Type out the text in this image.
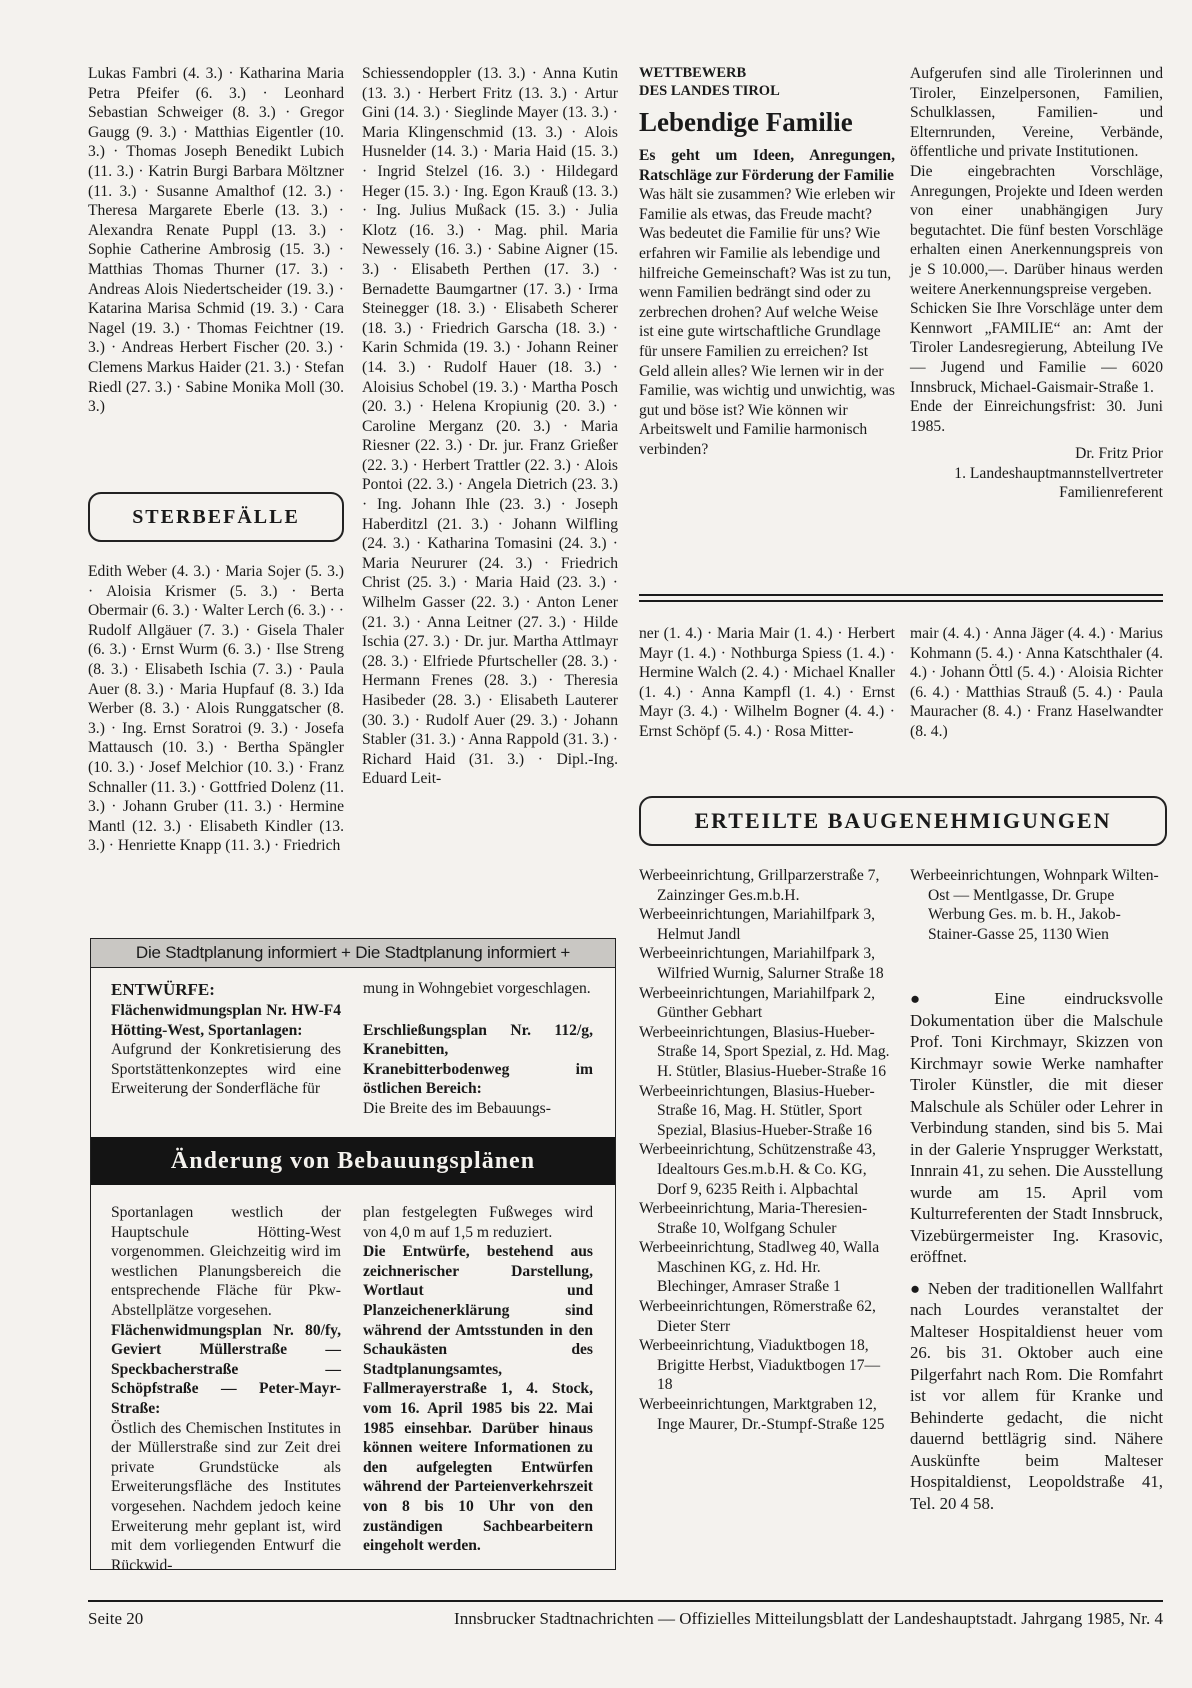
Lukas Fambri (4. 3.) · Katharina Maria Petra Pfeifer (6. 3.) · Leonhard Sebastian Schweiger (8. 3.) · Gregor Gaugg (9. 3.) · Matthias Eigentler (10. 3.) · Thomas Joseph Benedikt Lubich (11. 3.) · Katrin Burgi Barbara Möltzner (11. 3.) · Susanne Amalthof (12. 3.) · Theresa Margarete Eberle (13. 3.) · Alexandra Renate Puppl (13. 3.) · Sophie Catherine Ambrosig (15. 3.) · Matthias Thomas Thurner (17. 3.) · Andreas Alois Niedertscheider (19. 3.) · Katarina Marisa Schmid (19. 3.) · Cara Nagel (19. 3.) · Thomas Feichtner (19. 3.) · Andreas Herbert Fischer (20. 3.) · Clemens Markus Haider (21. 3.) · Stefan Riedl (27. 3.) · Sabine Monika Moll (30. 3.)

STERBEFÄLLE

Edith Weber (4. 3.) · Maria Sojer (5. 3.) · Aloisia Krismer (5. 3.) · Berta Obermair (6. 3.) · Walter Lerch (6. 3.) · · Rudolf Allgäuer (7. 3.) · Gisela Thaler (6. 3.) · Ernst Wurm (6. 3.) · Ilse Streng (8. 3.) · Elisabeth Ischia (7. 3.) · Paula Auer (8. 3.) · Maria Hupfauf (8. 3.) Ida Werber (8. 3.) · Alois Runggatscher (8. 3.) · Ing. Ernst Soratroi (9. 3.) · Josefa Mattausch (10. 3.) · Bertha Spängler (10. 3.) · Josef Melchior (10. 3.) · Franz Schnaller (11. 3.) · Gottfried Dolenz (11. 3.) · Johann Gruber (11. 3.) · Hermine Mantl (12. 3.) · Elisabeth Kindler (13. 3.) · Henriette Knapp (11. 3.) · Friedrich

Schiessendoppler (13. 3.) · Anna Kutin (13. 3.) · Herbert Fritz (13. 3.) · Artur Gini (14. 3.) · Sieglinde Mayer (13. 3.) · Maria Klingenschmid (13. 3.) · Alois Husnelder (14. 3.) · Maria Haid (15. 3.) · Ingrid Stelzel (16. 3.) · Hildegard Heger (15. 3.) · Ing. Egon Krauß (13. 3.) · Ing. Julius Mußack (15. 3.) · Julia Klotz (16. 3.) · Mag. phil. Maria Newessely (16. 3.) · Sabine Aigner (15. 3.) · Elisabeth Perthen (17. 3.) · Bernadette Baumgartner (17. 3.) · Irma Steinegger (18. 3.) · Elisabeth Scherer (18. 3.) · Friedrich Garscha (18. 3.) · Karin Schmida (19. 3.) · Johann Reiner (14. 3.) · Rudolf Hauer (18. 3.) · Aloisius Schobel (19. 3.) · Martha Posch (20. 3.) · Helena Kropiunig (20. 3.) · Caroline Merganz (20. 3.) · Maria Riesner (22. 3.) · Dr. jur. Franz Grießer (22. 3.) · Herbert Trattler (22. 3.) · Alois Pontoi (22. 3.) · Angela Dietrich (23. 3.) · Ing. Johann Ihle (23. 3.) · Joseph Haberditzl (21. 3.) · Johann Wilfling (24. 3.) · Katharina Tomasini (24. 3.) · Maria Neururer (24. 3.) · Friedrich Christ (25. 3.) · Maria Haid (23. 3.) · Wilhelm Gasser (22. 3.) · Anton Lener (21. 3.) · Anna Leitner (27. 3.) · Hilde Ischia (27. 3.) · Dr. jur. Martha Attlmayr (28. 3.) · Elfriede Pfurtscheller (28. 3.) · Hermann Frenes (28. 3.) · Theresia Hasibeder (28. 3.) · Elisabeth Lauterer (30. 3.) · Rudolf Auer (29. 3.) · Johann Stabler (31. 3.) · Anna Rappold (31. 3.) · Richard Haid (31. 3.) · Dipl.-Ing. Eduard Leit-

WETTBEWERB

DES LANDES TIROL

Lebendige Familie

Es geht um Ideen, Anregungen, Ratschläge zur Förderung der Familie

Was hält sie zusammen? Wie erleben wir Familie als etwas, das Freude macht? Was bedeutet die Familie für uns? Wie erfahren wir Familie als lebendige und hilfreiche Gemeinschaft? Was ist zu tun, wenn Familien bedrängt sind oder zu zerbrechen drohen? Auf welche Weise ist eine gute wirtschaftliche Grundlage für unsere Familien zu erreichen? Ist Geld allein alles? Wie lernen wir in der Familie, was wichtig und unwichtig, was gut und böse ist? Wie können wir Arbeitswelt und Familie harmonisch verbinden?

Aufgerufen sind alle Tirolerinnen und Tiroler, Einzelpersonen, Familien, Schulklassen, Familien- und Elternrunden, Vereine, Verbände, öffentliche und private Institutionen.

Die eingebrachten Vorschläge, Anregungen, Projekte und Ideen werden von einer unabhängigen Jury begutachtet. Die fünf besten Vorschläge erhalten einen Anerkennungspreis von je S 10.000,—. Darüber hinaus werden weitere Anerkennungspreise vergeben.

Schicken Sie Ihre Vorschläge unter dem Kennwort „FAMILIE“ an: Amt der Tiroler Landesregierung, Abteilung IVe — Jugend und Familie — 6020 Innsbruck, Michael-Gaismair-Straße 1.

Ende der Einreichungsfrist: 30. Juni 1985.

Dr. Fritz Prior

1. Landeshauptmannstellvertreter

Familienreferent

ner (1. 4.) · Maria Mair (1. 4.) · Herbert Mayr (1. 4.) · Nothburga Spiess (1. 4.) · Hermine Walch (2. 4.) · Michael Knaller (1. 4.) · Anna Kampfl (1. 4.) · Ernst Mayr (3. 4.) · Wilhelm Bogner (4. 4.) · Ernst Schöpf (5. 4.) · Rosa Mitter-

mair (4. 4.) · Anna Jäger (4. 4.) · Marius Kohmann (5. 4.) · Anna Katschthaler (4. 4.) · Johann Öttl (5. 4.) · Aloisia Richter (6. 4.) · Matthias Strauß (5. 4.) · Paula Mauracher (8. 4.) · Franz Haselwandter (8. 4.)

ERTEILTE BAUGENEHMIGUNGEN
Werbeeinrichtung, Grillparzerstraße 7, Zainzinger Ges.m.b.H.
Werbeeinrichtungen, Mariahilfpark 3, Helmut Jandl
Werbeeinrichtungen, Mariahilfpark 3, Wilfried Wurnig, Salurner Straße 18
Werbeeinrichtungen, Mariahilfpark 2, Günther Gebhart
Werbeeinrichtungen, Blasius-Hueber-Straße 14, Sport Spezial, z. Hd. Mag. H. Stütler, Blasius-Hueber-Straße 16
Werbeeinrichtungen, Blasius-Hueber-Straße 16, Mag. H. Stütler, Sport Spezial, Blasius-Hueber-Straße 16
Werbeeinrichtung, Schützenstraße 43, Idealtours Ges.m.b.H. & Co. KG, Dorf 9, 6235 Reith i. Alpbachtal
Werbeeinrichtung, Maria-Theresien-Straße 10, Wolfgang Schuler
Werbeeinrichtung, Stadlweg 40, Walla Maschinen KG, z. Hd. Hr. Blechinger, Amraser Straße 1
Werbeeinrichtungen, Römerstraße 62, Dieter Sterr
Werbeeinrichtung, Viaduktbogen 18, Brigitte Herbst, Viaduktbogen 17—18
Werbeeinrichtungen, Marktgraben 12, Inge Maurer, Dr.-Stumpf-Straße 125
Werbeeinrichtungen, Wohnpark Wilten-Ost — Mentlgasse, Dr. Grupe Werbung Ges. m. b. H., Jakob-Stainer-Gasse 25, 1130 Wien

● Eine eindrucksvolle Dokumentation über die Malschule Prof. Toni Kirchmayr, Skizzen von Kirchmayr sowie Werke namhafter Tiroler Künstler, die mit dieser Malschule als Schüler oder Lehrer in Verbindung standen, sind bis 5. Mai in der Galerie Ynsprugger Werkstatt, Innrain 41, zu sehen. Die Ausstellung wurde am 15. April vom Kulturreferenten der Stadt Innsbruck, Vizebürgermeister Ing. Krasovic, eröffnet.

● Neben der traditionellen Wallfahrt nach Lourdes veranstaltet der Malteser Hospitaldienst heuer vom 26. bis 31. Oktober auch eine Pilgerfahrt nach Rom. Die Romfahrt ist vor allem für Kranke und Behinderte gedacht, die nicht dauernd bettlägrig sind. Nähere Auskünfte beim Malteser Hospitaldienst, Leopoldstraße 41, Tel. 20 4 58.

Die Stadtplanung informiert + Die Stadtplanung informiert +

ENTWÜRFE:

Flächenwidmungsplan Nr. HW-F4 Hötting-West, Sportanlagen:

Aufgrund der Konkretisierung des Sportstättenkonzeptes wird eine Erweiterung der Sonderfläche für

mung in Wohngebiet vorgeschlagen.

Erschließungsplan Nr. 112/g, Kranebitten, Kranebitterbodenweg im östlichen Bereich:

Die Breite des im Bebauungs-

Änderung von Bebauungsplänen

Sportanlagen westlich der Hauptschule Hötting-West vorgenommen. Gleichzeitig wird im westlichen Planungsbereich die entsprechende Fläche für Pkw-Abstellplätze vorgesehen.

Flächenwidmungsplan Nr. 80/fy, Geviert Müllerstraße — Speckbacherstraße — Schöpfstraße — Peter-Mayr-Straße:

Östlich des Chemischen Institutes in der Müllerstraße sind zur Zeit drei private Grundstücke als Erweiterungsfläche des Institutes vorgesehen. Nachdem jedoch keine Erweiterung mehr geplant ist, wird mit dem vorliegenden Entwurf die Rückwid-

plan festgelegten Fußweges wird von 4,0 m auf 1,5 m reduziert.

Die Entwürfe, bestehend aus zeichnerischer Darstellung, Wortlaut und Planzeichenerklärung sind während der Amtsstunden in den Schaukästen des Stadtplanungsamtes, Fallmerayerstraße 1, 4. Stock, vom 16. April 1985 bis 22. Mai 1985 einsehbar. Darüber hinaus können weitere Informationen zu den aufgelegten Entwürfen während der Parteienverkehrszeit von 8 bis 10 Uhr von den zuständigen Sachbearbeitern eingeholt werden.

Seite 20	Innsbrucker Stadtnachrichten — Offizielles Mitteilungsblatt der Landeshauptstadt. Jahrgang 1985, Nr. 4
